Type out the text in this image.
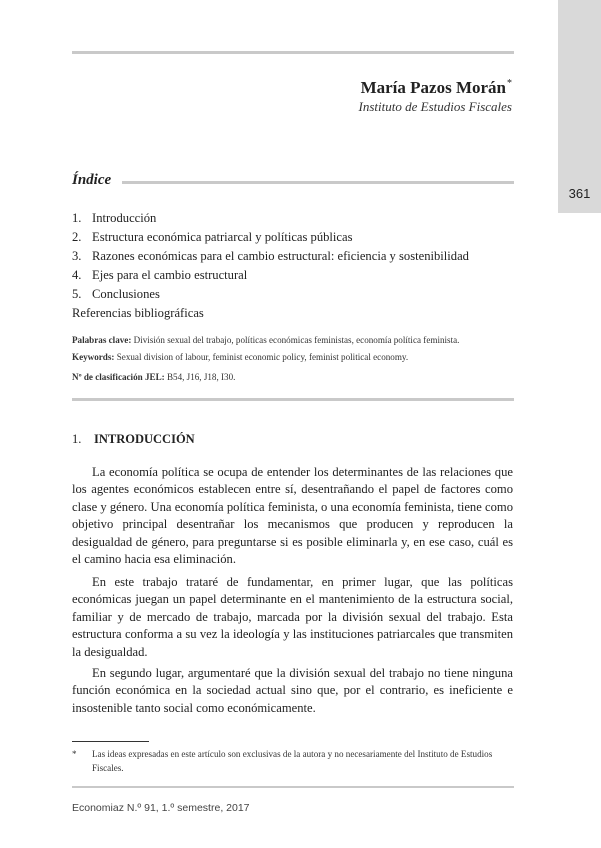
361
María Pazos Morán*
Instituto de Estudios Fiscales
Índice
1. Introducción
2. Estructura económica patriarcal y políticas públicas
3. Razones económicas para el cambio estructural: eficiencia y sostenibilidad
4. Ejes para el cambio estructural
5. Conclusiones
Referencias bibliográficas
Palabras clave: División sexual del trabajo, políticas económicas feministas, economía política feminista.
Keywords: Sexual division of labour, feminist economic policy, feminist political economy.
Nº de clasificación JEL: B54, J16, J18, I30.
1. INTRODUCCIÓN

La economía política se ocupa de entender los determinantes de las relaciones que los agentes económicos establecen entre sí, desentrañando el papel de factores como clase y género. Una economía política feminista, o una economía feminista, tiene como objetivo principal desentrañar los mecanismos que producen y reproducen la desigualdad de género, para preguntarse si es posible eliminarla y, en ese caso, cuál es el camino hacia esa eliminación.

En este trabajo trataré de fundamentar, en primer lugar, que las políticas económicas juegan un papel determinante en el mantenimiento de la estructura social, familiar y de mercado de trabajo, marcada por la división sexual del trabajo. Esta estructura conforma a su vez la ideología y las instituciones patriarcales que transmiten la desigualdad.

En segundo lugar, argumentaré que la división sexual del trabajo no tiene ninguna función económica en la sociedad actual sino que, por el contrario, es ineficiente e insostenible tanto social como económicamente.

*	Las ideas expresadas en este artículo son exclusivas de la autora y no necesariamente del Instituto de Estudios Fiscales.
Economiaz N.º 91, 1.º semestre, 2017
